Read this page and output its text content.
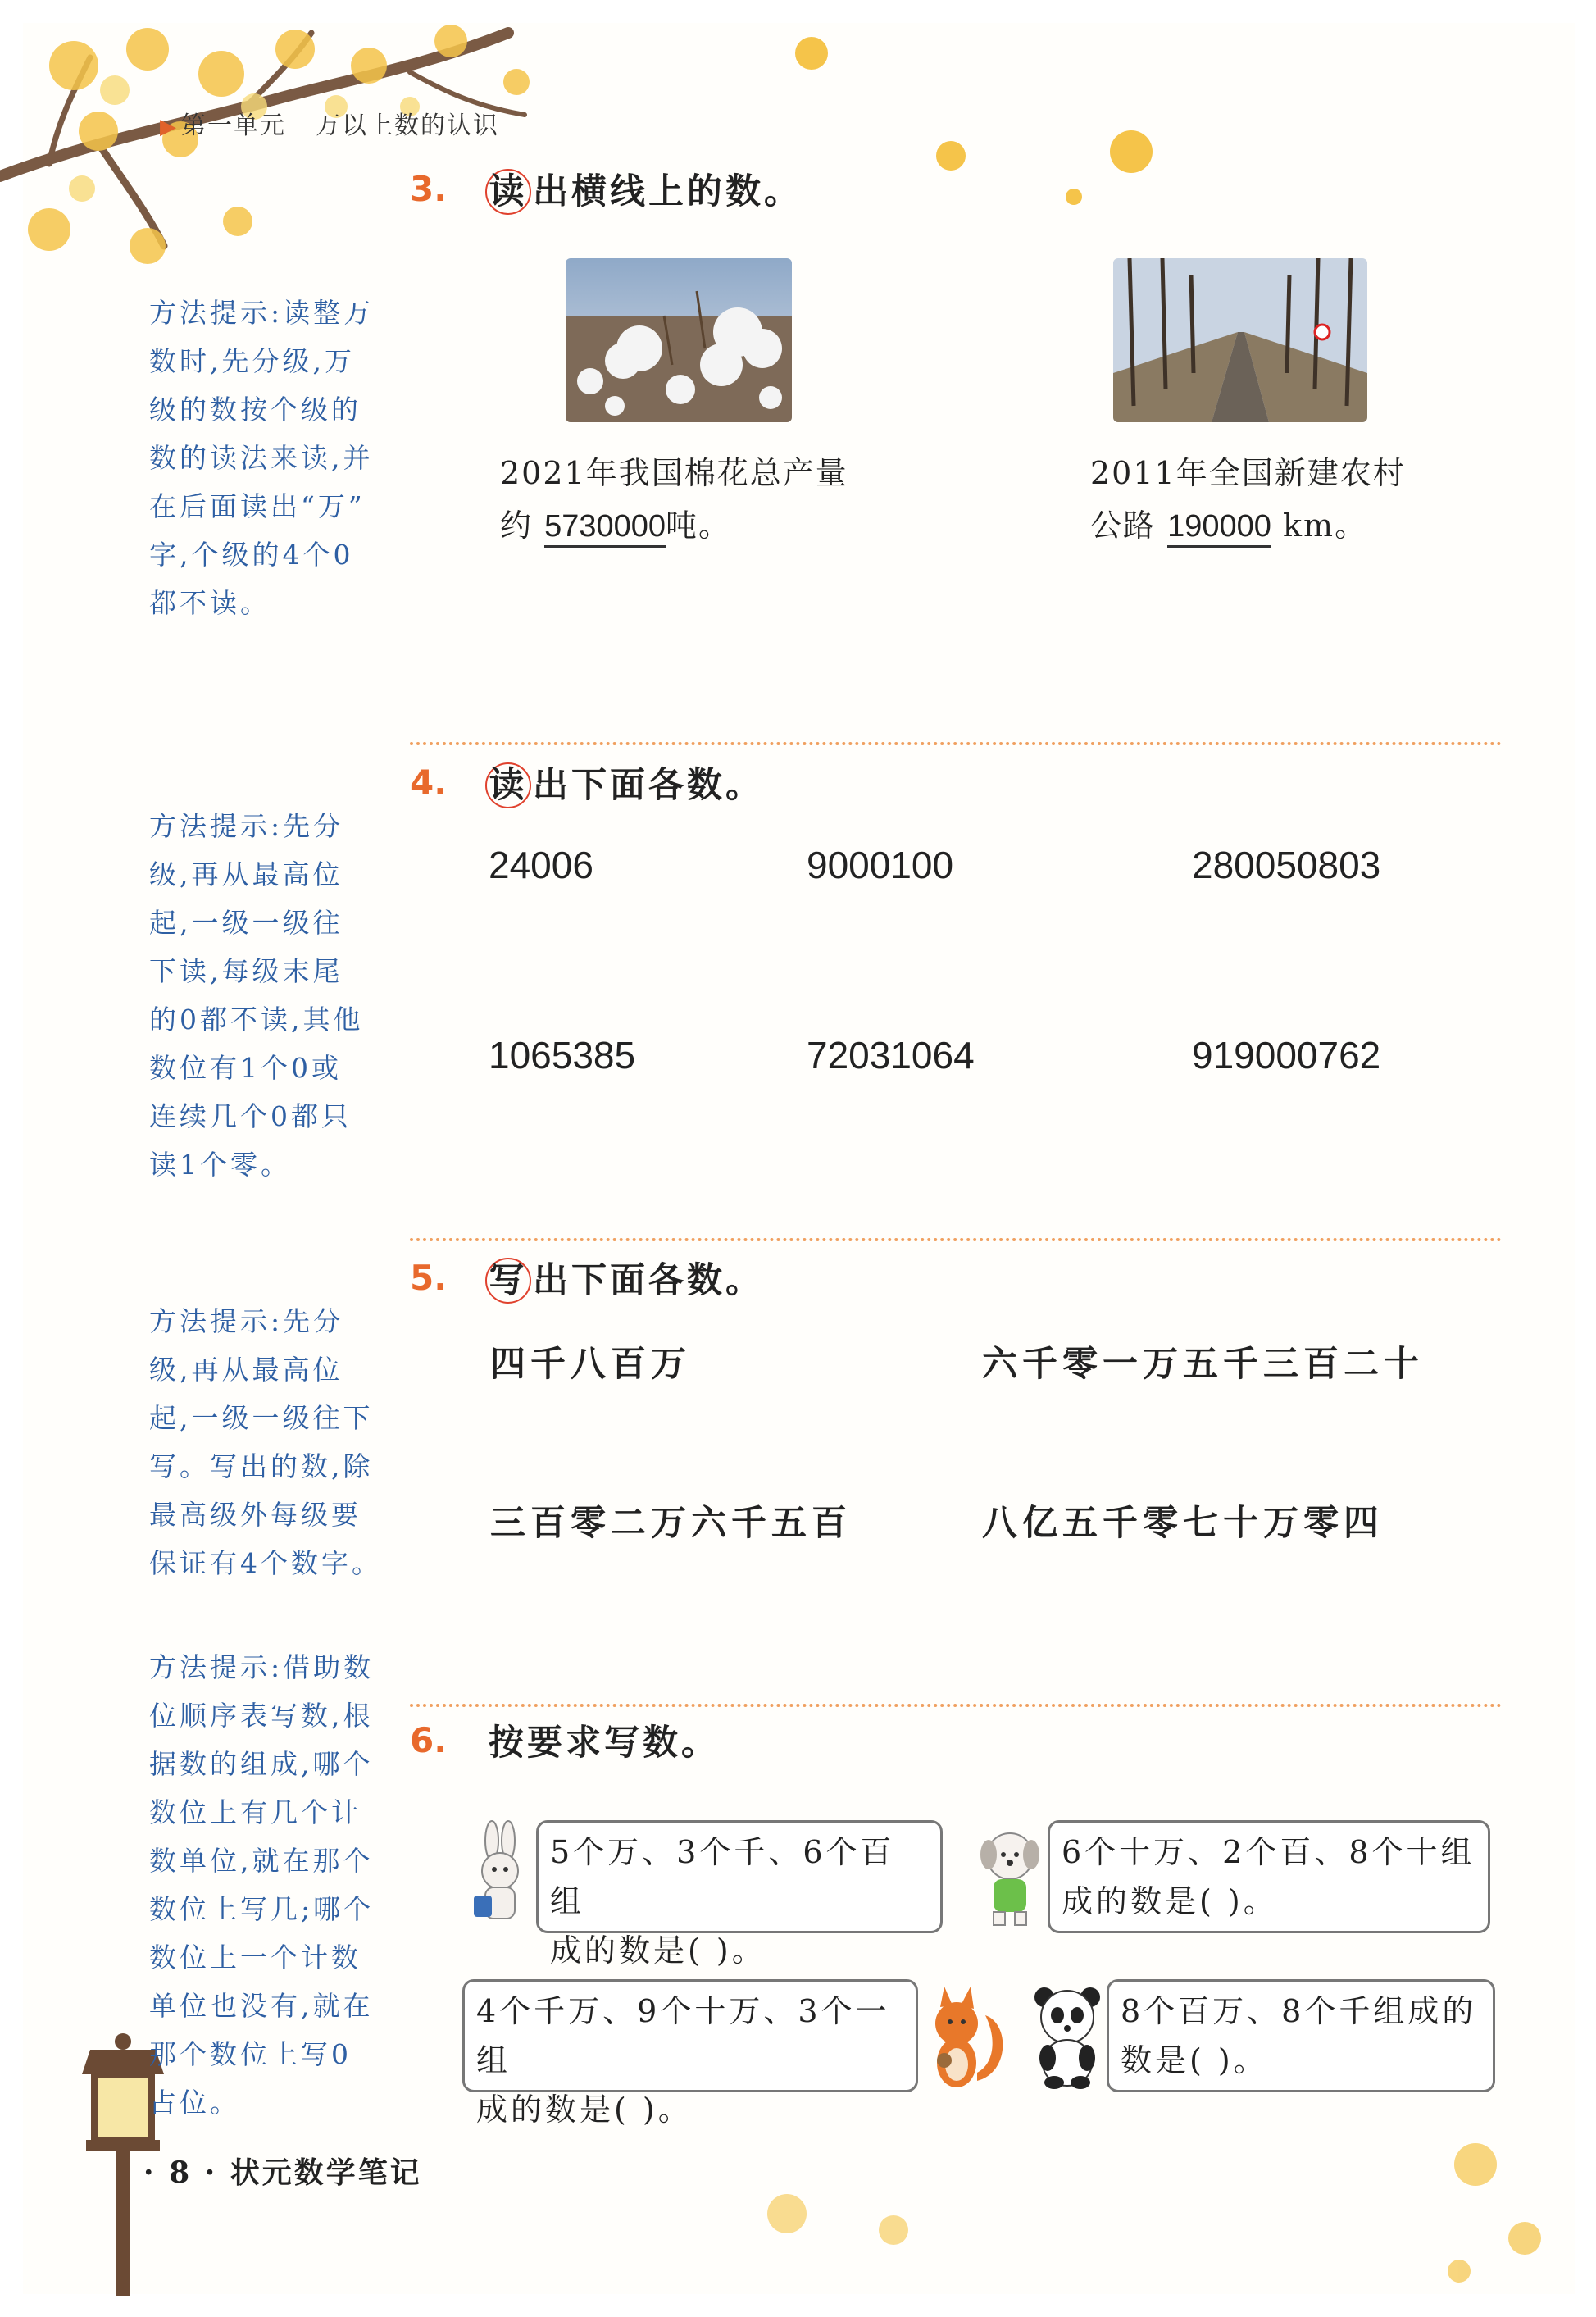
▶ 第一单元 万以上数的认识
方法提示:读整万
数时,先分级,万
级的数按个级的
数的读法来读,并
在后面读出“万”
字,个级的4个0
都不读。
3. 读 出横线上的数。
2021年我国棉花总产量
约 5730000吨。
2011年全国新建农村
公路 190000 km。
方法提示:先分
级,再从最高位
起,一级一级往
下读,每级末尾
的0都不读,其他
数位有1个0或
连续几个0都只
读1个零。
4. 读 出下面各数。
24006	9000100	280050803
1065385	72031064	919000762
方法提示:先分
级,再从最高位
起,一级一级往下
写。写出的数,除
最高级外每级要
保证有4个数字。
5. 写 出下面各数。
四千八百万	六千零一万五千三百二十
三百零二万六千五百	八亿五千零七十万零四
方法提示:借助数
位顺序表写数,根
据数的组成,哪个
数位上有几个计
数单位,就在那个
数位上写几;哪个
数位上一个计数
单位也没有,就在
那个数位上写0
占位。
6. 按要求写数。
5个万、3个千、6个百组
成的数是( )。
6个十万、2个百、8个十组
成的数是( )。
4个千万、9个十万、3个一组
成的数是( )。
8个百万、8个千组成的
数是( )。
· 8 · 状元数学笔记
